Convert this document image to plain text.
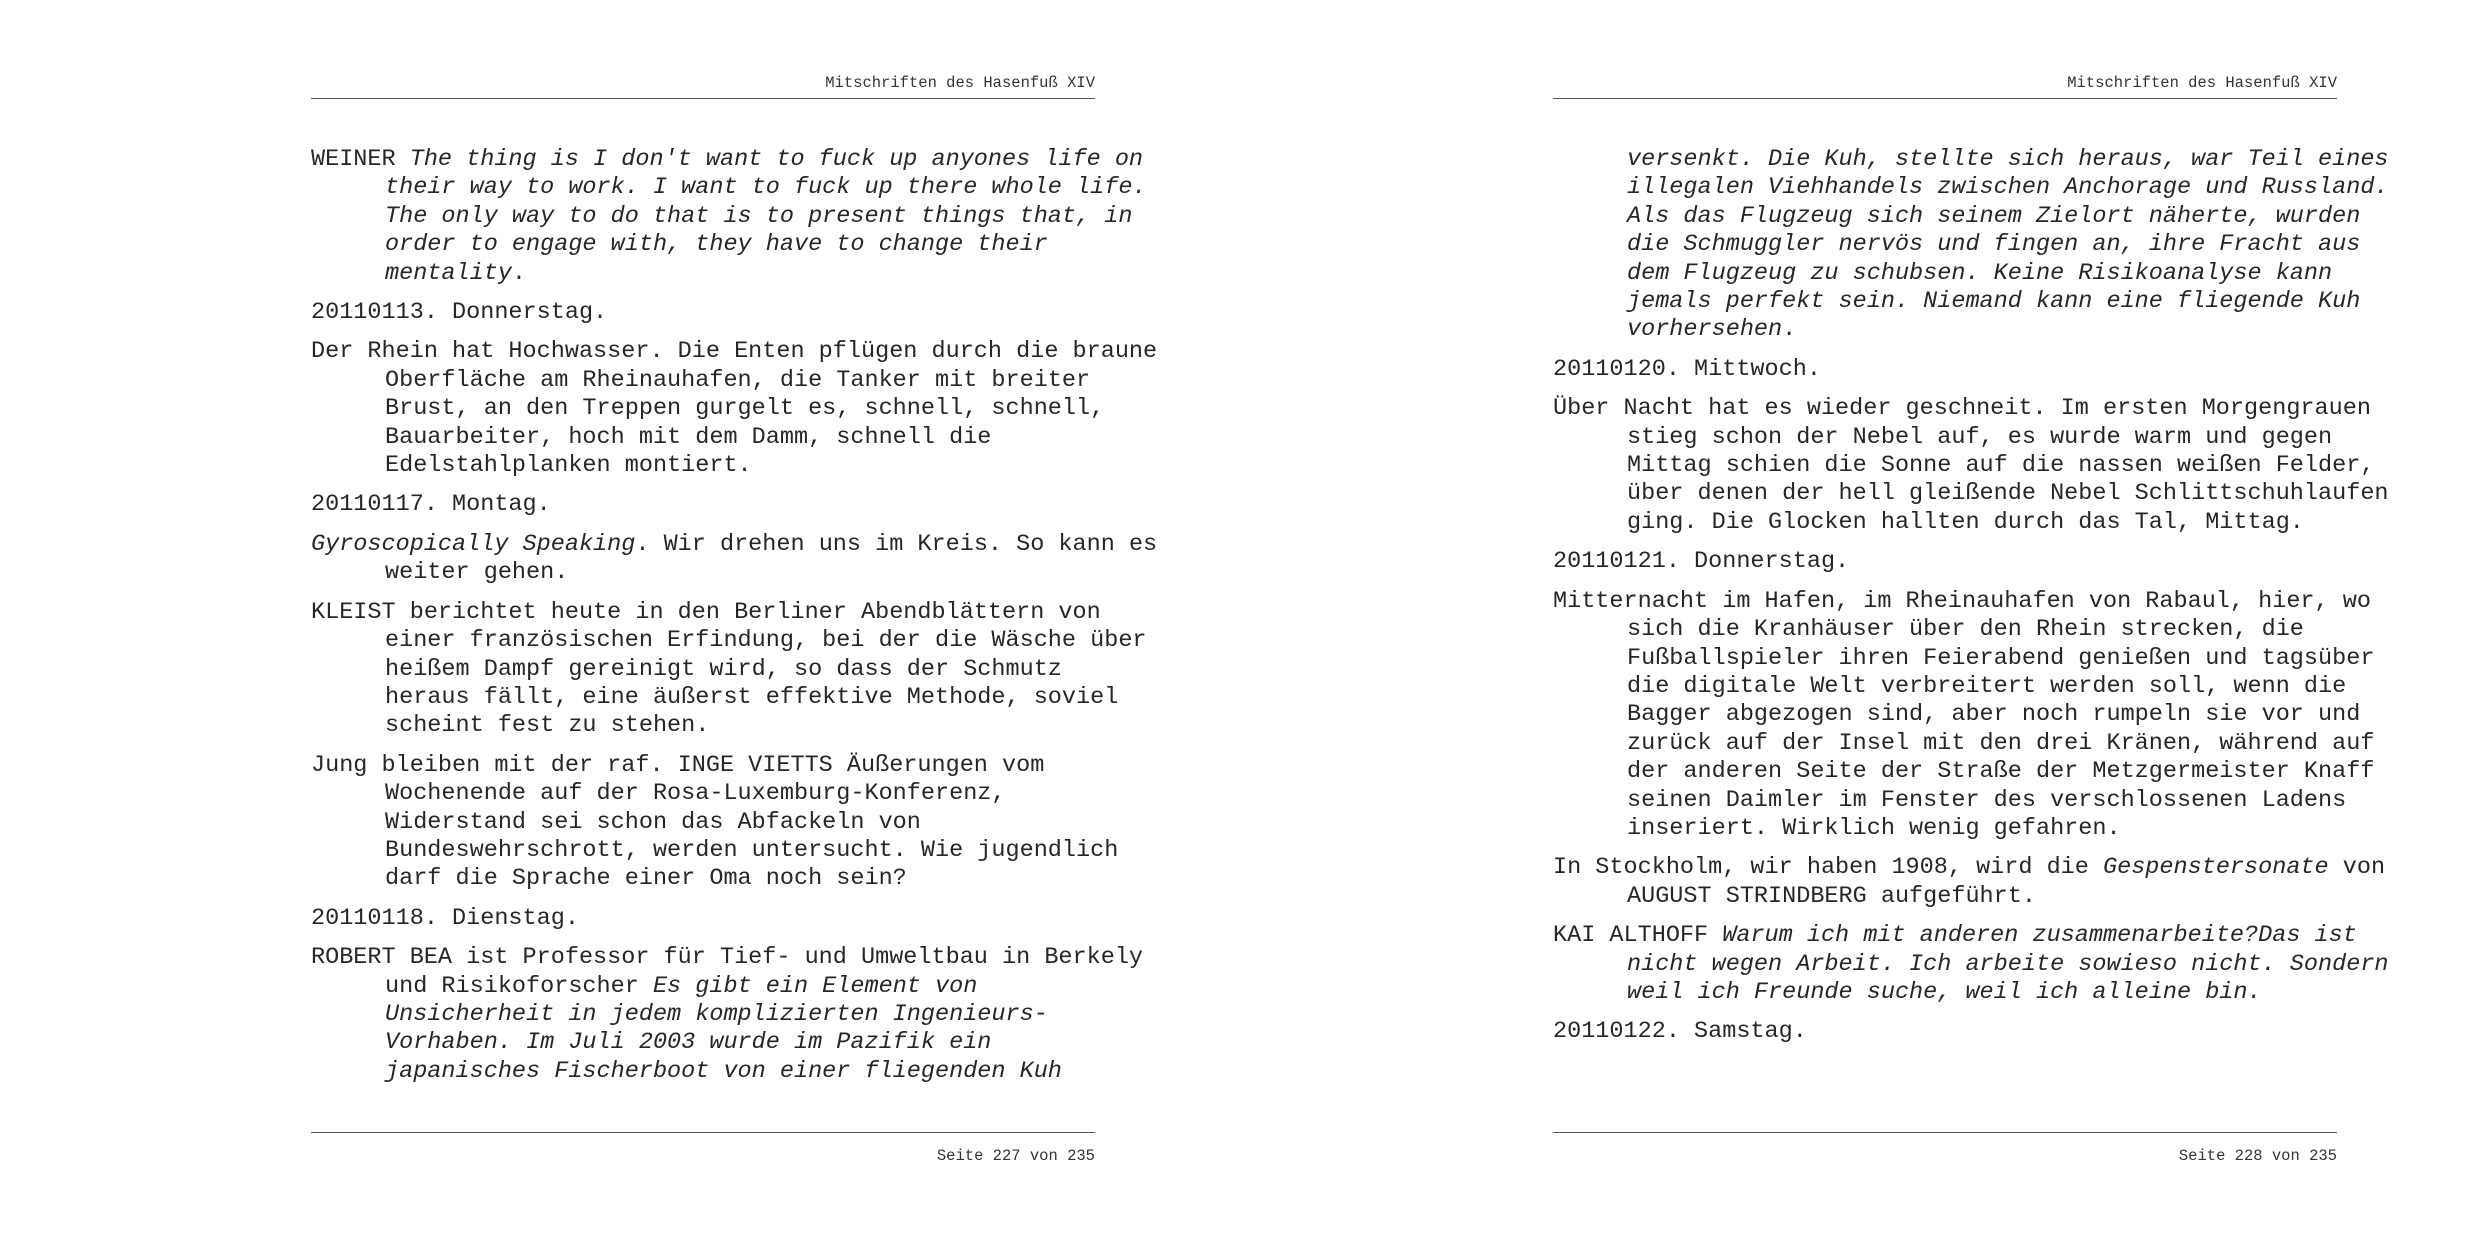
Mitschriften des Hasenfuß XIV
WEINER The thing is I don't want to fuck up anyones life on
their way to work. I want to fuck up there whole life.
The only way to do that is to present things that, in
order to engage with, they have to change their
mentality.
20110113. Donnerstag.
Der Rhein hat Hochwasser. Die Enten pflügen durch die braune
Oberfläche am Rheinauhafen, die Tanker mit breiter
Brust, an den Treppen gurgelt es, schnell, schnell,
Bauarbeiter, hoch mit dem Damm, schnell die
Edelstahlplanken montiert.
20110117. Montag.
Gyroscopically Speaking. Wir drehen uns im Kreis. So kann es
weiter gehen.
KLEIST berichtet heute in den Berliner Abendblättern von
einer französischen Erfindung, bei der die Wäsche über
heißem Dampf gereinigt wird, so dass der Schmutz
heraus fällt, eine äußerst effektive Methode, soviel
scheint fest zu stehen.
Jung bleiben mit der raf. INGE VIETTS Äußerungen vom
Wochenende auf der Rosa-Luxemburg-Konferenz,
Widerstand sei schon das Abfackeln von
Bundeswehrschrott, werden untersucht. Wie jugendlich
darf die Sprache einer Oma noch sein?
20110118. Dienstag.
ROBERT BEA ist Professor für Tief- und Umweltbau in Berkely
und Risikoforscher Es gibt ein Element von
Unsicherheit in jedem komplizierten Ingenieurs-
Vorhaben. Im Juli 2003 wurde im Pazifik ein
japanisches Fischerboot von einer fliegenden Kuh
Seite 227 von 235
Mitschriften des Hasenfuß XIV
versenkt. Die Kuh, stellte sich heraus, war Teil eines
illegalen Viehhandels zwischen Anchorage und Russland.
Als das Flugzeug sich seinem Zielort näherte, wurden
die Schmuggler nervös und fingen an, ihre Fracht aus
dem Flugzeug zu schubsen. Keine Risikoanalyse kann
jemals perfekt sein. Niemand kann eine fliegende Kuh
vorhersehen.
20110120. Mittwoch.
Über Nacht hat es wieder geschneit. Im ersten Morgengrauen
stieg schon der Nebel auf, es wurde warm und gegen
Mittag schien die Sonne auf die nassen weißen Felder,
über denen der hell gleißende Nebel Schlittschuhlaufen
ging. Die Glocken hallten durch das Tal, Mittag.
20110121. Donnerstag.
Mitternacht im Hafen, im Rheinauhafen von Rabaul, hier, wo
sich die Kranhäuser über den Rhein strecken, die
Fußballspieler ihren Feierabend genießen und tagsüber
die digitale Welt verbreitert werden soll, wenn die
Bagger abgezogen sind, aber noch rumpeln sie vor und
zurück auf der Insel mit den drei Kränen, während auf
der anderen Seite der Straße der Metzgermeister Knaff
seinen Daimler im Fenster des verschlossenen Ladens
inseriert. Wirklich wenig gefahren.
In Stockholm, wir haben 1908, wird die Gespenstersonate von
AUGUST STRINDBERG aufgeführt.
KAI ALTHOFF Warum ich mit anderen zusammenarbeite?Das ist
nicht wegen Arbeit. Ich arbeite sowieso nicht. Sondern
weil ich Freunde suche, weil ich alleine bin.
20110122. Samstag.
Seite 228 von 235
